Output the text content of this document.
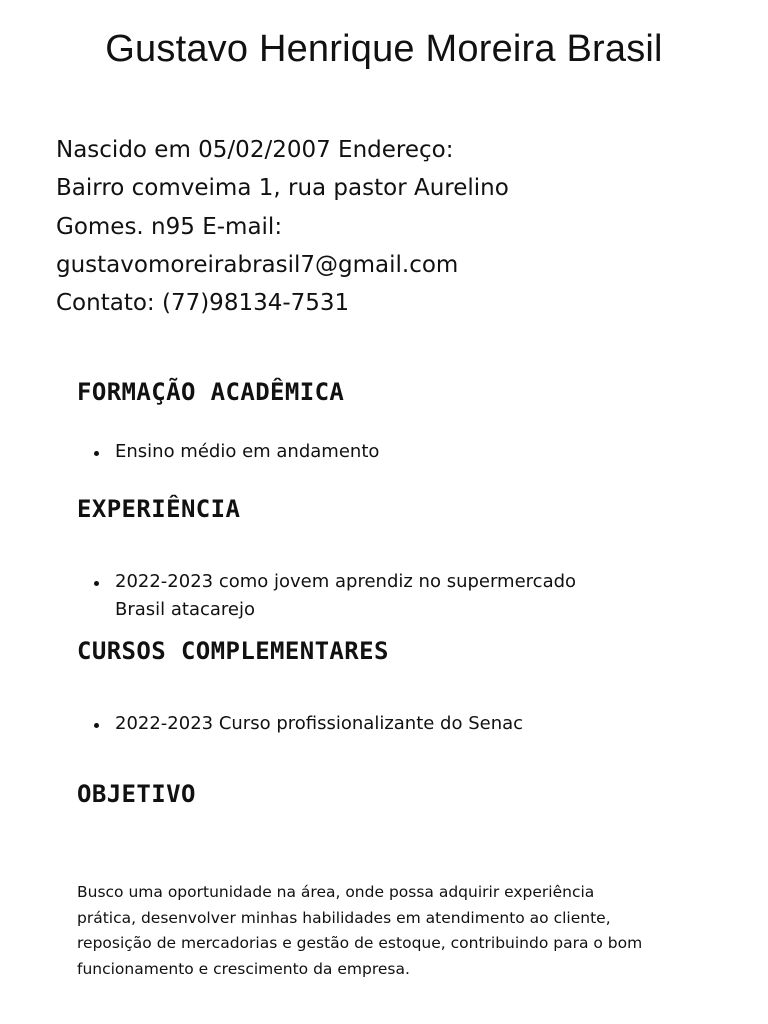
Gustavo Henrique Moreira Brasil
Nascido em 05/02/2007 Endereço:
Bairro comveima 1, rua pastor Aurelino
Gomes. n95 E-mail:
gustavomoreirabrasil7@gmail.com
Contato: (77)98134-7531
FORMAÇÃO ACADÊMICA
Ensino médio em andamento
EXPERIÊNCIA
2022-2023 como jovem aprendiz no supermercado
Brasil atacarejo
CURSOS COMPLEMENTARES
2022-2023 Curso profissionalizante do Senac
OBJETIVO
Busco uma oportunidade na área, onde possa adquirir experiência
prática, desenvolver minhas habilidades em atendimento ao cliente,
reposição de mercadorias e gestão de estoque, contribuindo para o bom
funcionamento e crescimento da empresa.
